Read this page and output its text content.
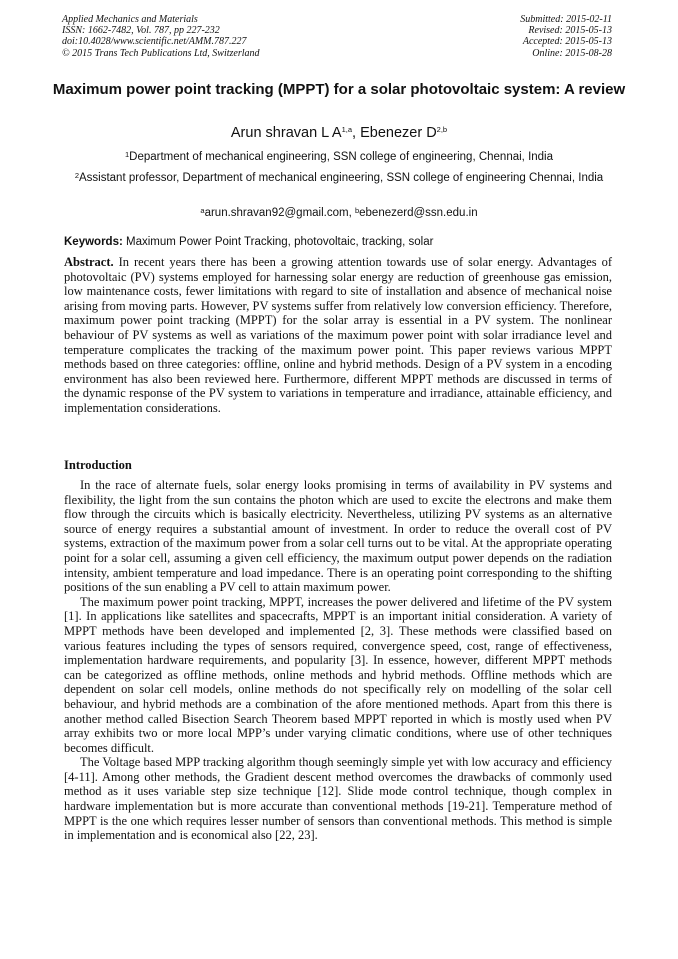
Applied Mechanics and Materials
ISSN: 1662-7482, Vol. 787, pp 227-232
doi:10.4028/www.scientific.net/AMM.787.227
© 2015 Trans Tech Publications Ltd, Switzerland
Submitted: 2015-02-11
Revised: 2015-05-13
Accepted: 2015-05-13
Online: 2015-08-28
Maximum power point tracking (MPPT) for a solar photovoltaic system: A review
Arun shravan L A$^{1,a}$, Ebenezer D$^{2,b}$
$^1$Department of mechanical engineering, SSN college of engineering, Chennai, India
$^2$Assistant professor, Department of mechanical engineering, SSN college of engineering Chennai, India
$^a$arun.shravan92@gmail.com, $^b$ebenezerd@ssn.edu.in
Keywords: Maximum Power Point Tracking, photovoltaic, tracking, solar
Abstract. In recent years there has been a growing attention towards use of solar energy. Advantages of photovoltaic (PV) systems employed for harnessing solar energy are reduction of greenhouse gas emission, low maintenance costs, fewer limitations with regard to site of installation and absence of mechanical noise arising from moving parts. However, PV systems suffer from relatively low conversion efficiency. Therefore, maximum power point tracking (MPPT) for the solar array is essential in a PV system. The nonlinear behaviour of PV systems as well as variations of the maximum power point with solar irradiance level and temperature complicates the tracking of the maximum power point. This paper reviews various MPPT methods based on three categories: offline, online and hybrid methods. Design of a PV system in a encoding environment has also been reviewed here. Furthermore, different MPPT methods are discussed in terms of the dynamic response of the PV system to variations in temperature and irradiance, attainable efficiency, and implementation considerations.
Introduction

In the race of alternate fuels, solar energy looks promising in terms of availability in PV systems and flexibility, the light from the sun contains the photon which are used to excite the electrons and make them flow through the circuits which is basically electricity. Nevertheless, utilizing PV systems as an alternative source of energy requires a substantial amount of investment. In order to reduce the overall cost of PV systems, extraction of the maximum power from a solar cell turns out to be vital. At the appropriate operating point for a solar cell, assuming a given cell efficiency, the maximum output power depends on the radiation intensity, ambient temperature and load impedance. There is an operating point corresponding to the shifting positions of the sun enabling a PV cell to attain maximum power.

The maximum power point tracking, MPPT, increases the power delivered and lifetime of the PV system [1]. In applications like satellites and spacecrafts, MPPT is an important initial consideration. A variety of MPPT methods have been developed and implemented [2, 3]. These methods were classified based on various features including the types of sensors required, convergence speed, cost, range of effectiveness, implementation hardware requirements, and popularity [3]. In essence, however, different MPPT methods can be categorized as offline methods, online methods and hybrid methods. Offline methods which are dependent on solar cell models, online methods do not specifically rely on modelling of the solar cell behaviour, and hybrid methods are a combination of the afore mentioned methods. Apart from this there is another method called Bisection Search Theorem based MPPT reported in which is mostly used when PV array exhibits two or more local MPP’s under varying climatic conditions, where use of other techniques becomes difficult.

The Voltage based MPP tracking algorithm though seemingly simple yet with low accuracy and efficiency [4-11]. Among other methods, the Gradient descent method overcomes the drawbacks of commonly used method as it uses variable step size technique [12]. Slide mode control technique, though complex in hardware implementation but is more accurate than conventional methods [19-21]. Temperature method of MPPT is the one which requires lesser number of sensors than conventional methods. This method is simple in implementation and is economical also [22, 23].
